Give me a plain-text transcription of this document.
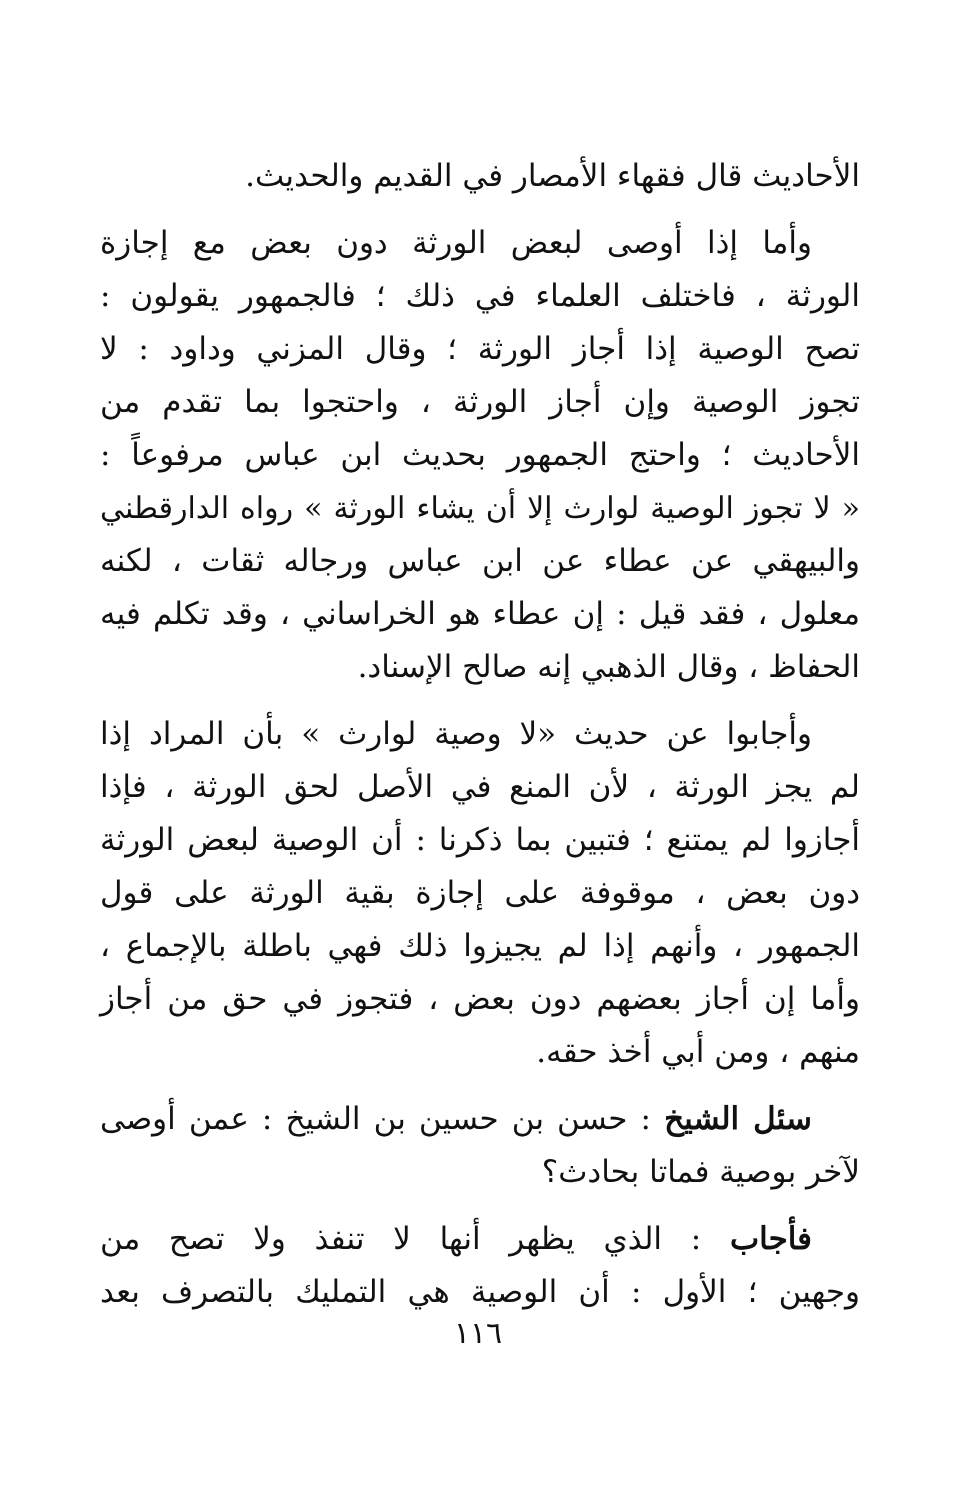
الأحاديث قال فقهاء الأمصار في القديم والحديث.
وأما إذا أوصى لبعض الورثة دون بعض مع إجازة
الورثة ، فاختلف العلماء في ذلك ؛ فالجمهور يقولون :
تصح الوصية إذا أجاز الورثة ؛ وقال المزني وداود : لا
تجوز الوصية وإن أجاز الورثة ، واحتجوا بما تقدم من
الأحاديث ؛ واحتج الجمهور بحديث ابن عباس مرفوعاً :
« لا تجوز الوصية لوارث إلا أن يشاء الورثة » رواه الدارقطني
والبيهقي عن عطاء عن ابن عباس ورجاله ثقات ، لكنه
معلول ، فقد قيل : إن عطاء هو الخراساني ، وقد تكلم فيه
الحفاظ ، وقال الذهبي إنه صالح الإسناد.
وأجابوا عن حديث «لا وصية لوارث » بأن المراد إذا
لم يجز الورثة ، لأن المنع في الأصل لحق الورثة ، فإذا
أجازوا لم يمتنع ؛ فتبين بما ذكرنا : أن الوصية لبعض الورثة
دون بعض ، موقوفة على إجازة بقية الورثة على قول
الجمهور ، وأنهم إذا لم يجيزوا ذلك فهي باطلة بالإجماع ،
وأما إن أجاز بعضهم دون بعض ، فتجوز في حق من أجاز
منهم ، ومن أبي أخذ حقه.
سئل الشيخ : حسن بن حسين بن الشيخ : عمن أوصى
لآخر بوصية فماتا بحادث؟
فأجاب : الذي يظهر أنها لا تنفذ ولا تصح من
وجهين ؛ الأول : أن الوصية هي التمليك بالتصرف بعد
١١٦
